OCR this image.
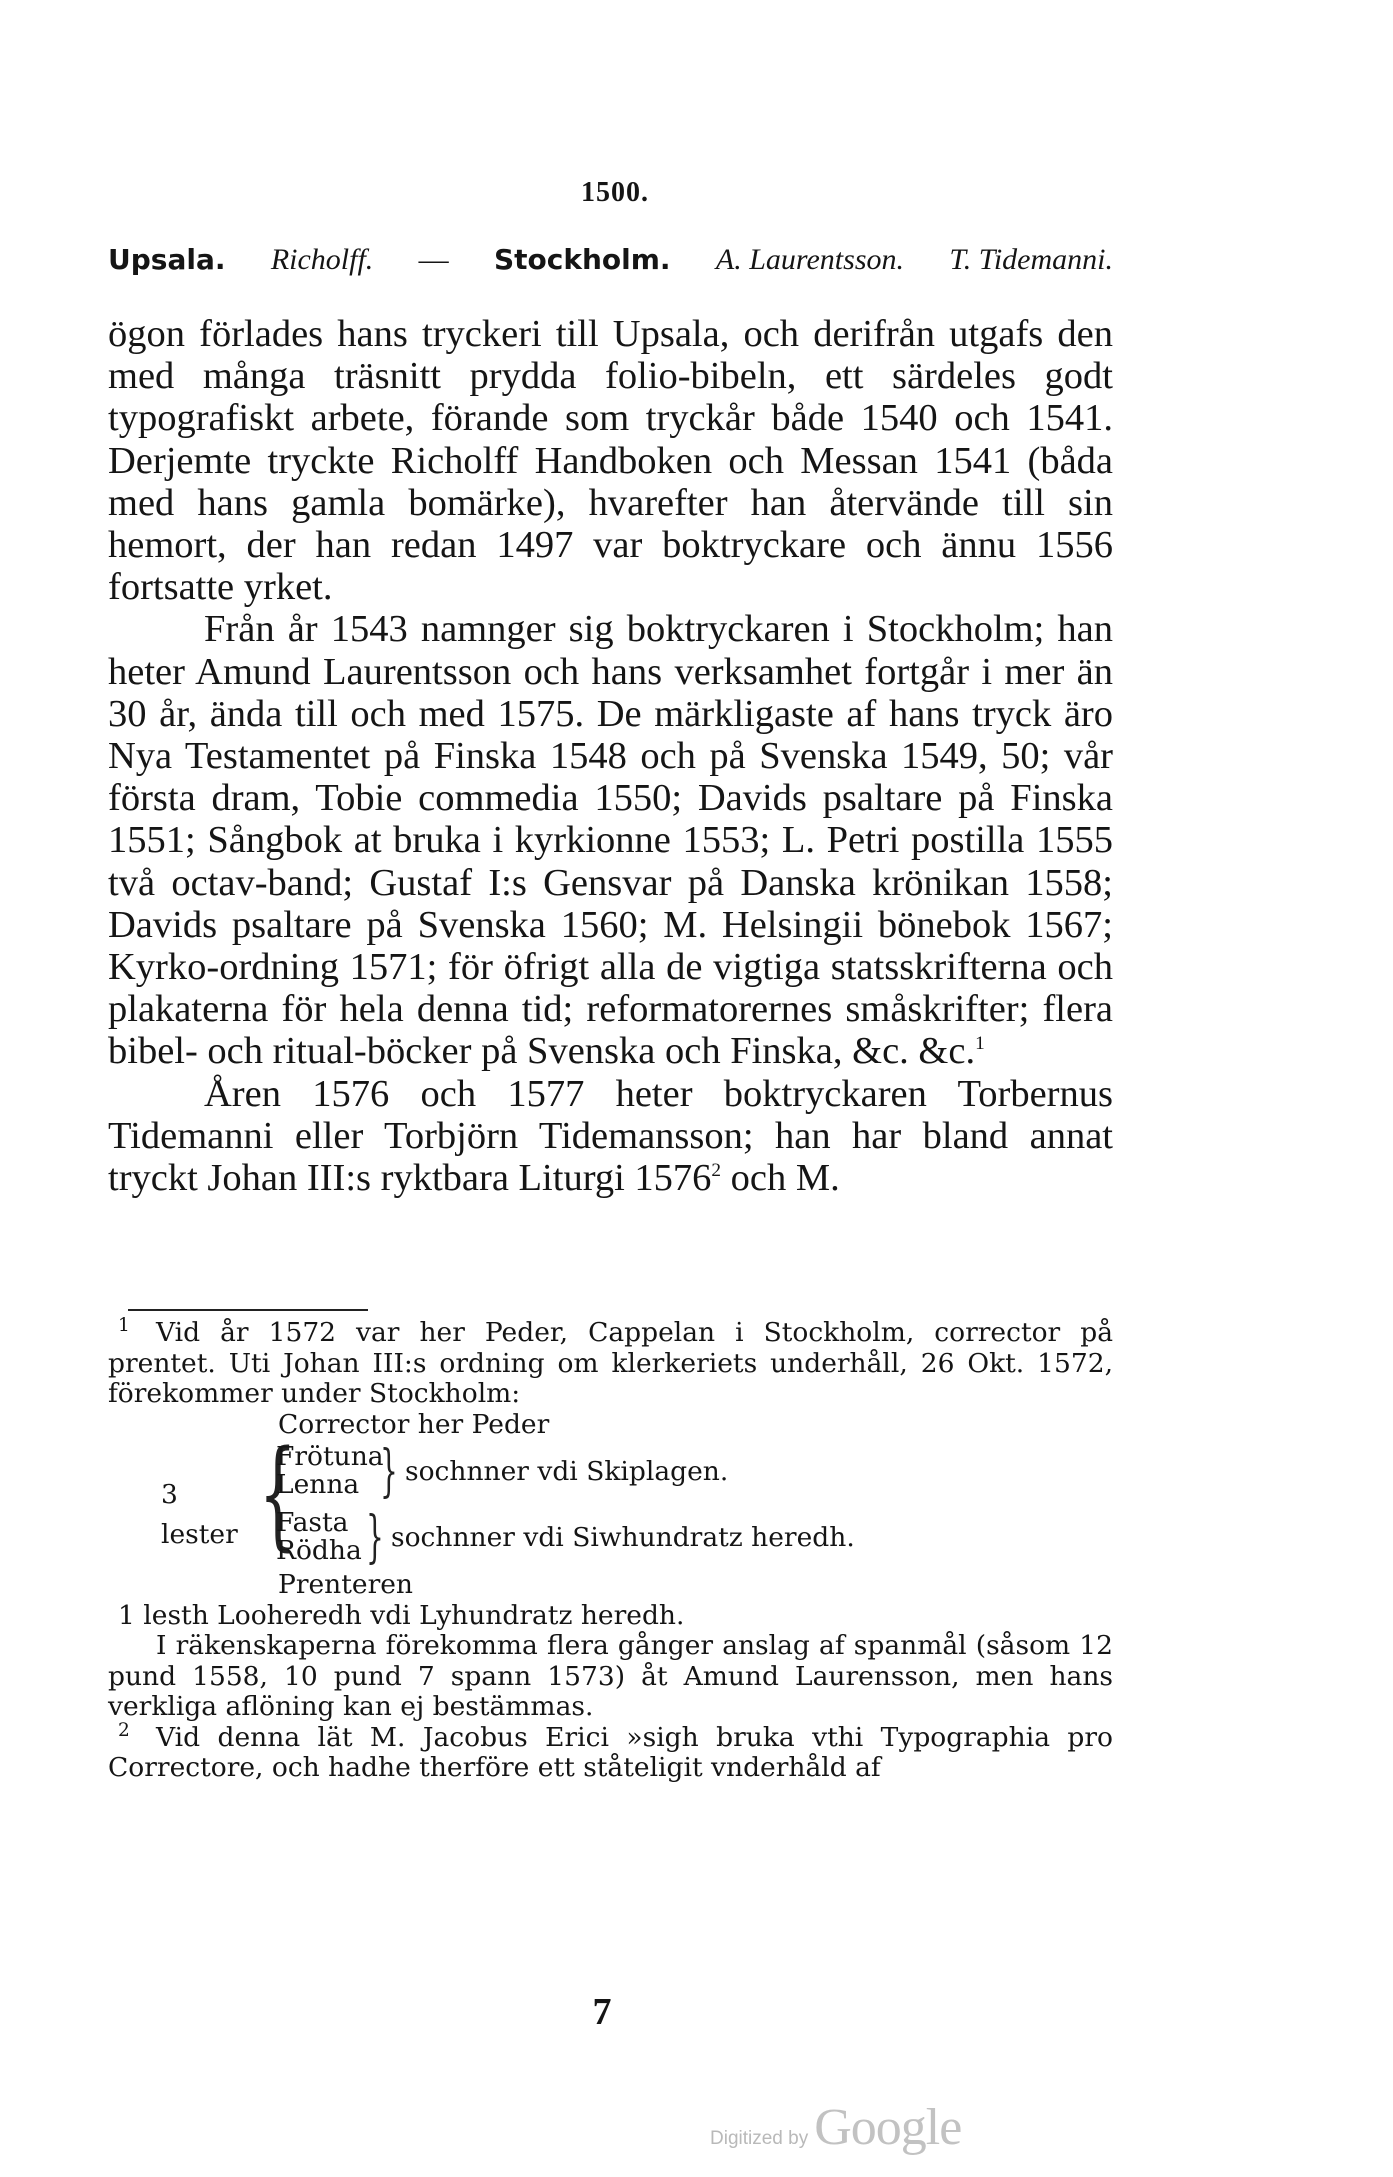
1500.
Upsala. Richolff. — Stockholm. A. Laurentsson. T. Tidemanni.

ögon förlades hans tryckeri till Upsala, och derifrån utgafs den med många träsnitt prydda folio-bibeln, ett särdeles godt typografiskt arbete, förande som tryckår både 1540 och 1541. Derjemte tryckte Richolff Handboken och Messan 1541 (båda med hans gamla bomärke), hvarefter han återvände till sin hemort, der han redan 1497 var boktryckare och ännu 1556 fortsatte yrket.

Från år 1543 namnger sig boktryckaren i Stockholm; han heter Amund Laurentsson och hans verksamhet fortgår i mer än 30 år, ända till och med 1575. De märkligaste af hans tryck äro Nya Testamentet på Finska 1548 och på Svenska 1549, 50; vår första dram, Tobie commedia 1550; Davids psaltare på Finska 1551; Sångbok at bruka i kyrkionne 1553; L. Petri postilla 1555 två octav-band; Gustaf I:s Gensvar på Danska krönikan 1558; Davids psaltare på Svenska 1560; M. Helsingii bönebok 1567; Kyrko-ordning 1571; för öfrigt alla de vigtiga statsskrifterna och plakaterna för hela denna tid; reformatorernes småskrifter; flera bibel- och ritual-böcker på Svenska och Finska, &c. &c.$^1$

Åren 1576 och 1577 heter boktryckaren Torbernus Tidemanni eller Torbjörn Tidemansson; han har bland annat tryckt Johan III:s ryktbara Liturgi 1576$^2$ och M.

1 Vid år 1572 var her Peder, Cappelan i Stockholm, corrector på prentet. Uti Johan III:s ordning om klerkeriets underhåll, 26 Okt. 1572, förekommer under Stockholm:

Corrector her Peder

3
lester {
Frötuna
Lenna } sochnner vdi Skiplagen.
Fasta
Rödha } sochnner vdi Siwhundratz heredh.

Prenteren

1 lesth Looheredh vdi Lyhundratz heredh.

I räkenskaperna förekomma flera gånger anslag af spanmål (såsom 12 pund 1558, 10 pund 7 spann 1573) åt Amund Laurensson, men hans verkliga aflöning kan ej bestämmas.

2 Vid denna lät M. Jacobus Erici »sigh bruka vthi Typographia pro Correctore, och hadhe therföre ett ståteligit vnderhåld af

7
Digitized by Google
